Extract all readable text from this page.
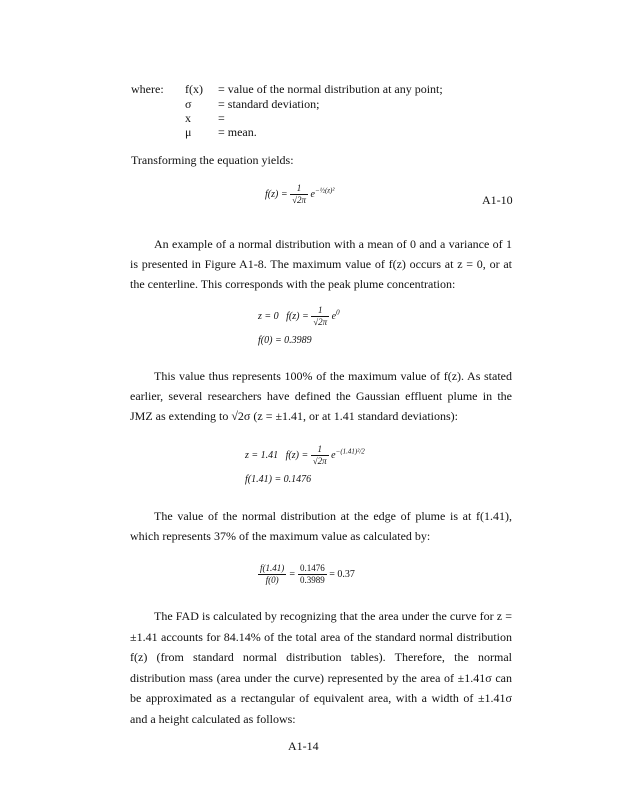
where: f(x) = value of the normal distribution at any point;
σ = standard deviation;
x =
μ = mean.
Transforming the equation yields:
$f(z) = \frac{1}{√2\pi} e^{-\frac{1}{2}(z)^2}$
A1-10
An example of a normal distribution with a mean of 0 and a variance of 1 is presented in Figure A1-8. The maximum value of f(z) occurs at z = 0, or at the centerline. This corresponds with the peak plume concentration:
z = 0 $f(z) = \frac{1}{√2\pi} e^0$
f(0) = 0.3989
This value thus represents 100% of the maximum value of f(z). As stated earlier, several researchers have defined the Gaussian effluent plume in the JMZ as extending to √2σ (z = ±1.41, or at 1.41 standard deviations):
z = 1.41 $f(z) = \frac{1}{√2\pi} e^{-(1.41)^2/2}$
f(1.41) = 0.1476
The value of the normal distribution at the edge of plume is at f(1.41), which represents 37% of the maximum value as calculated by:
$\frac{f(1.41)}{f(0)} = \frac{0.1476}{0.3989} = 0.37$
The FAD is calculated by recognizing that the area under the curve for z = ±1.41 accounts for 84.14% of the total area of the standard normal distribution f(z) (from standard normal distribution tables). Therefore, the normal distribution mass (area under the curve) represented by the area of ±1.41σ can be approximated as a rectangular of equivalent area, with a width of ±1.41σ and a height calculated as follows:
A1-14
